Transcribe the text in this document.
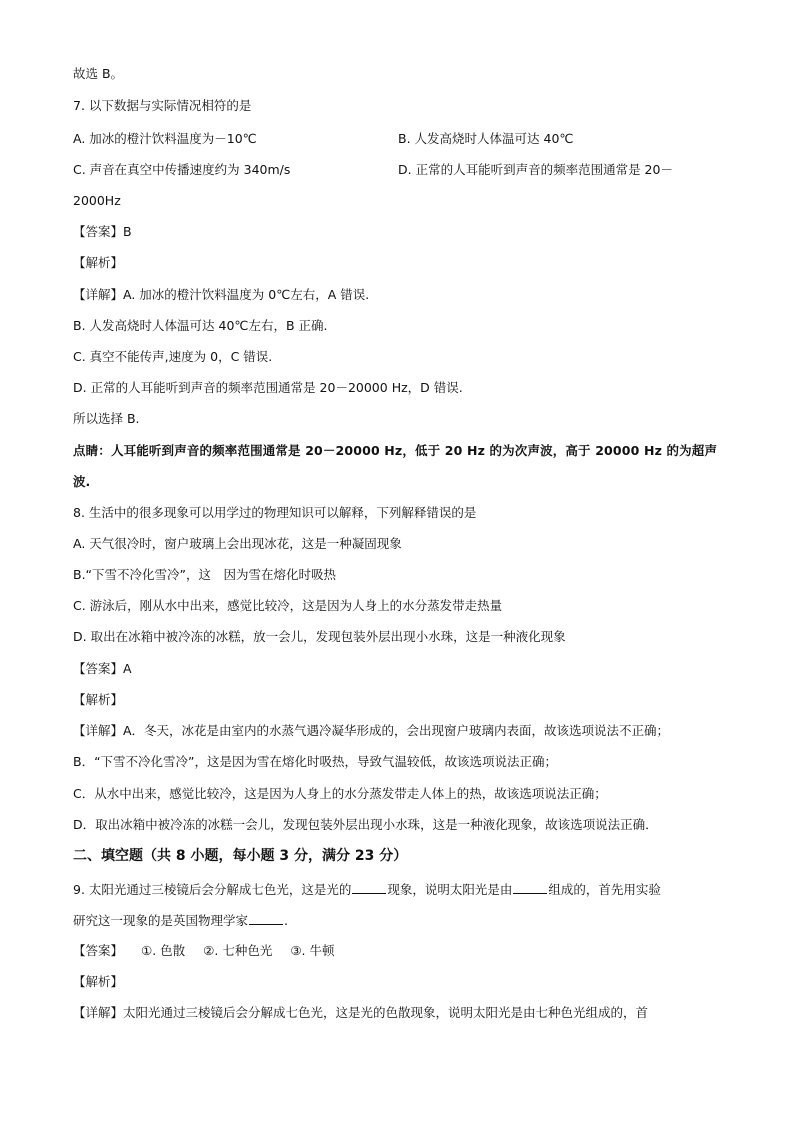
故选 B。
7. 以下数据与实际情况相符的是
A. 加冰的橙汁饮料温度为－10℃	B. 人发高烧时人体温可达 40℃
C. 声音在真空中传播速度约为 340m/s	D. 正常的人耳能听到声音的频率范围通常是 20－
2000Hz
【答案】B
【解析】
【详解】A. 加冰的橙汁饮料温度为 0℃左右，A 错误.
B. 人发高烧时人体温可达 40℃左右，B 正确.
C. 真空不能传声,速度为 0，C 错误.
D. 正常的人耳能听到声音的频率范围通常是 20－20000 Hz，D 错误.
所以选择 B.
点睛：人耳能听到声音的频率范围通常是 20－20000 Hz，低于 20 Hz 的为次声波，高于 20000 Hz 的为超声
波.
8. 生活中的很多现象可以用学过的物理知识可以解释，下列解释错误的是
A. 天气很冷时，窗户玻璃上会出现冰花，这是一种凝固现象
B.“下雪不冷化雪冷”，这　因为雪在熔化时吸热
C. 游泳后，刚从水中出来，感觉比较冷，这是因为人身上的水分蒸发带走热量
D. 取出在冰箱中被冷冻的冰糕，放一会儿，发现包装外层出现小水珠，这是一种液化现象
【答案】A
【解析】
【详解】A．冬天，冰花是由室内的水蒸气遇冷凝华形成的，会出现窗户玻璃内表面，故该选项说法不正确；
B．“下雪不冷化雪冷”，这是因为雪在熔化时吸热，导致气温较低，故该选项说法正确；
C．从水中出来，感觉比较冷，这是因为人身上的水分蒸发带走人体上的热，故该选项说法正确；
D．取出冰箱中被冷冻的冰糕一会儿，发现包装外层出现小水珠，这是一种液化现象，故该选项说法正确．
二、填空题（共 8 小题，每小题 3 分，满分 23 分）
9. 太阳光通过三棱镜后会分解成七色光，这是光的	现象，说明太阳光是由	组成的，首先用实验
研究这一现象的是英国物理学家	.
【答案】 ①. 色散 ②. 七种色光 ③. 牛顿
【解析】
【详解】太阳光通过三棱镜后会分解成七色光，这是光的色散现象，说明太阳光是由七种色光组成的，首
